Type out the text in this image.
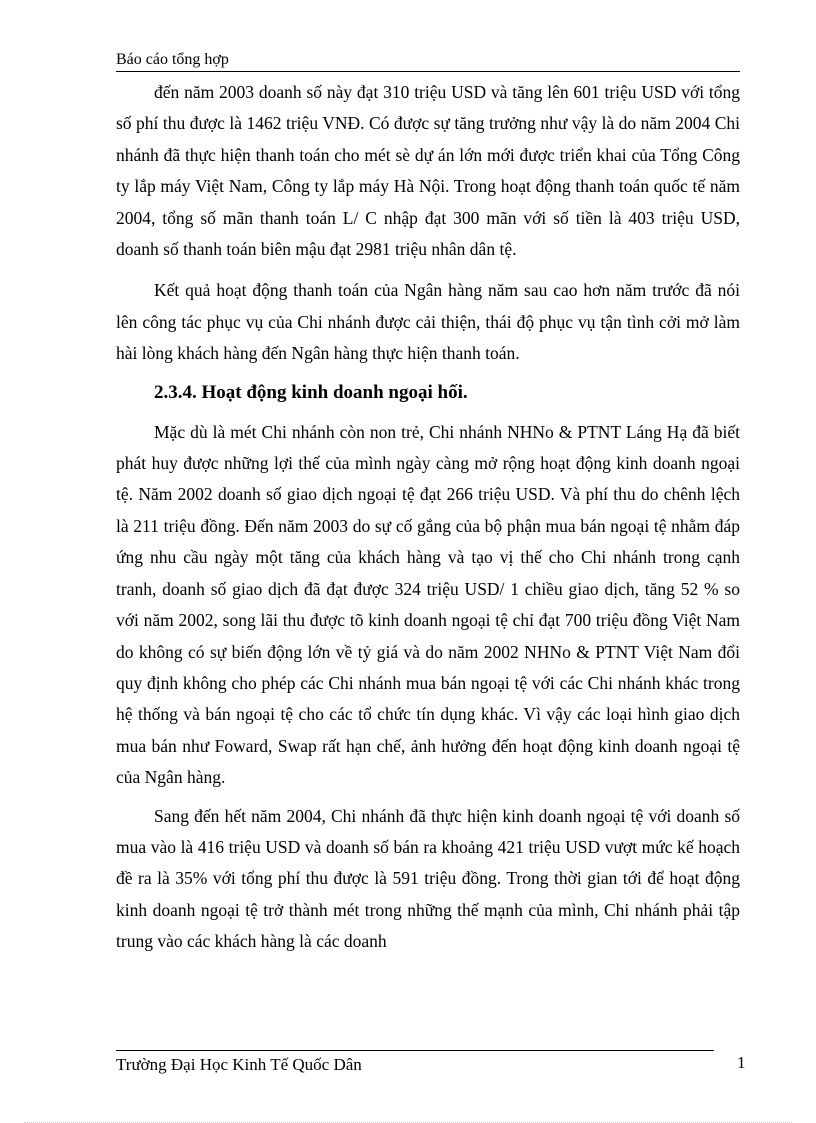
Báo cáo tổng hợp

đến năm 2003 doanh số này đạt 310 triệu USD và tăng lên 601 triệu USD với tổng số phí thu được là 1462 triệu VNĐ. Có được sự tăng trưởng như vậy là do năm 2004 Chi nhánh đã thực hiện thanh toán cho mét sè dự án lớn mới được triển khai của Tổng Công ty lắp máy Việt Nam, Công ty lắp máy Hà Nội. Trong hoạt động thanh toán quốc tế năm 2004, tổng số mãn thanh toán L/ C nhập đạt 300 mãn với số tiền là 403 triệu USD, doanh số thanh toán biên mậu đạt 2981 triệu nhân dân tệ.

Kết quả hoạt động thanh toán của Ngân hàng năm sau cao hơn năm trước đã nói lên công tác phục vụ của Chi nhánh được cải thiện, thái độ phục vụ tận tình cởi mở làm hài lòng khách hàng đến Ngân hàng thực hiện thanh toán.

2.3.4. Hoạt động kinh doanh ngoại hối.

Mặc dù là mét Chi nhánh còn non trẻ, Chi nhánh NHNo & PTNT Láng Hạ đã biết phát huy được những lợi thế của mình ngày càng mở rộng hoạt động kinh doanh ngoại tệ. Năm 2002 doanh số giao dịch ngoại tệ đạt 266 triệu USD. Và phí thu do chênh lệch là 211 triệu đồng. Đến năm 2003 do sự cố gắng của bộ phận mua bán ngoại tệ nhằm đáp ứng nhu cầu ngày một tăng của khách hàng và tạo vị thế cho Chi nhánh trong cạnh tranh, doanh số giao dịch đã đạt được 324 triệu USD/ 1 chiều giao dịch, tăng 52 % so với năm 2002, song lãi thu được tõ kinh doanh ngoại tệ chỉ đạt 700 triệu đồng Việt Nam do không có sự biến động lớn về tỷ giá và do năm 2002 NHNo & PTNT Việt Nam đổi quy định không cho phép các Chi nhánh mua bán ngoại tệ với các Chi nhánh khác trong hệ thống và bán ngoại tệ cho các tổ chức tín dụng khác. Vì vậy các loại hình giao dịch mua bán như Foward, Swap rất hạn chế, ảnh hưởng đến hoạt động kinh doanh ngoại tệ của Ngân hàng.

Sang đến hết năm 2004, Chi nhánh đã thực hiện kinh doanh ngoại tệ với doanh số mua vào là 416 triệu USD và doanh số bán ra khoảng 421 triệu USD vượt mức kế hoạch đề ra là 35% với tổng phí thu được là 591 triệu đồng. Trong thời gian tới để hoạt động kinh doanh ngoại tệ trở thành mét trong những thế mạnh của mình, Chi nhánh phải tập trung vào các khách hàng là các doanh

Trường Đại Học Kinh Tế Quốc Dân	1
